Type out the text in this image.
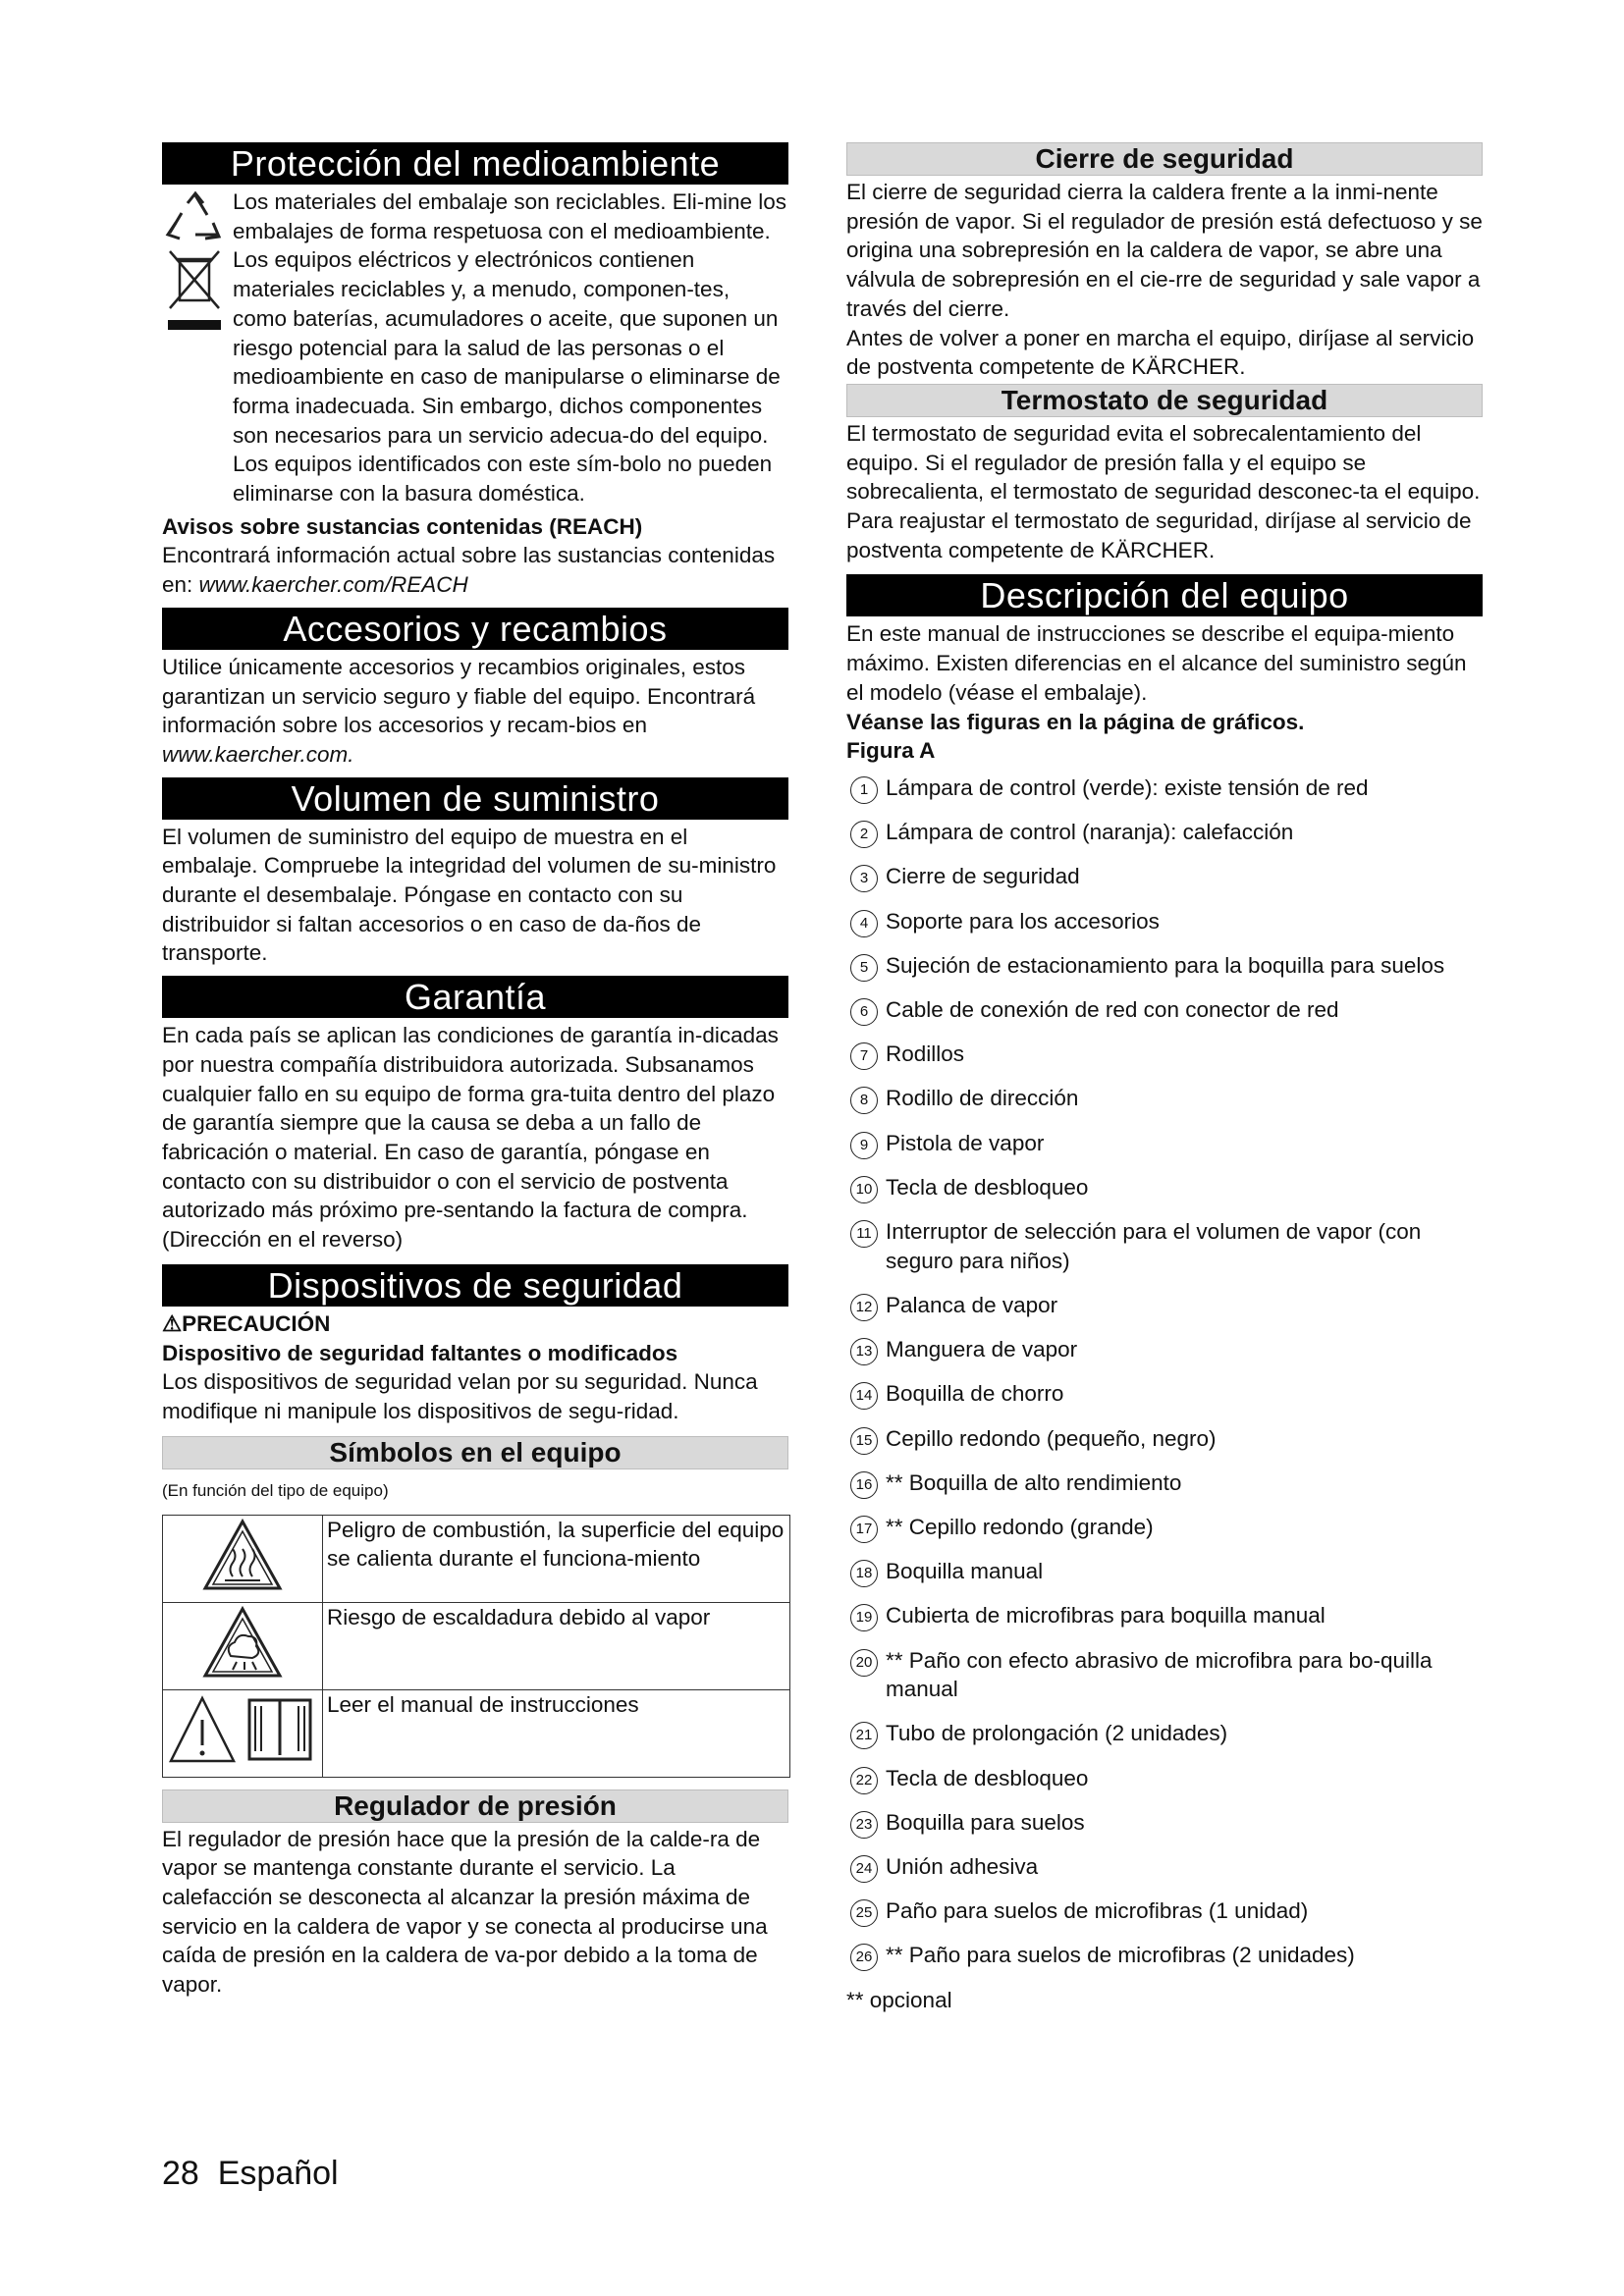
Protección del medioambiente

Los materiales del embalaje son reciclables. Eli-mine los embalajes de forma respetuosa con el medioambiente.

Los equipos eléctricos y electrónicos contienen materiales reciclables y, a menudo, componen-tes, como baterías, acumuladores o aceite, que suponen un riesgo potencial para la salud de las personas o el medioambiente en caso de manipularse o eliminarse de forma inadecuada. Sin embargo, dichos componentes son necesarios para un servicio adecua-do del equipo. Los equipos identificados con este sím-bolo no pueden eliminarse con la basura doméstica.

Avisos sobre sustancias contenidas (REACH)

Encontrará información actual sobre las sustancias contenidas en: www.kaercher.com/REACH

Accesorios y recambios

Utilice únicamente accesorios y recambios originales, estos garantizan un servicio seguro y fiable del equipo. Encontrará información sobre los accesorios y recam-bios en www.kaercher.com.

Volumen de suministro

El volumen de suministro del equipo de muestra en el embalaje. Compruebe la integridad del volumen de su-ministro durante el desembalaje. Póngase en contacto con su distribuidor si faltan accesorios o en caso de da-ños de transporte.

Garantía

En cada país se aplican las condiciones de garantía in-dicadas por nuestra compañía distribuidora autorizada. Subsanamos cualquier fallo en su equipo de forma gra-tuita dentro del plazo de garantía siempre que la causa se deba a un fallo de fabricación o material. En caso de garantía, póngase en contacto con su distribuidor o con el servicio de postventa autorizado más próximo pre-sentando la factura de compra.

(Dirección en el reverso)

Dispositivos de seguridad

⚠PRECAUCIÓN

Dispositivo de seguridad faltantes o modificados

Los dispositivos de seguridad velan por su seguridad. Nunca modifique ni manipule los dispositivos de segu-ridad.

Símbolos en el equipo

(En función del tipo de equipo)

	Peligro de combustión, la superficie del equipo se calienta durante el funciona-miento
	Riesgo de escaldadura debido al vapor
	Leer el manual de instrucciones
Regulador de presión

El regulador de presión hace que la presión de la calde-ra de vapor se mantenga constante durante el servicio. La calefacción se desconecta al alcanzar la presión máxima de servicio en la caldera de vapor y se conecta al producirse una caída de presión en la caldera de va-por debido a la toma de vapor.

Cierre de seguridad

El cierre de seguridad cierra la caldera frente a la inmi-nente presión de vapor. Si el regulador de presión está defectuoso y se origina una sobrepresión en la caldera de vapor, se abre una válvula de sobrepresión en el cie-rre de seguridad y sale vapor a través del cierre.

Antes de volver a poner en marcha el equipo, diríjase al servicio de postventa competente de KÄRCHER.

Termostato de seguridad

El termostato de seguridad evita el sobrecalentamiento del equipo. Si el regulador de presión falla y el equipo se sobrecalienta, el termostato de seguridad desconec-ta el equipo.

Para reajustar el termostato de seguridad, diríjase al servicio de postventa competente de KÄRCHER.

Descripción del equipo

En este manual de instrucciones se describe el equipa-miento máximo. Existen diferencias en el alcance del suministro según el modelo (véase el embalaje).

Véanse las figuras en la página de gráficos.

Figura A

1 Lámpara de control (verde): existe tensión de red
2 Lámpara de control (naranja): calefacción
3 Cierre de seguridad
4 Soporte para los accesorios
5 Sujeción de estacionamiento para la boquilla para suelos
6 Cable de conexión de red con conector de red
7 Rodillos
8 Rodillo de dirección
9 Pistola de vapor
10 Tecla de desbloqueo
11 Interruptor de selección para el volumen de vapor (con seguro para niños)
12 Palanca de vapor
13 Manguera de vapor
14 Boquilla de chorro
15 Cepillo redondo (pequeño, negro)
16 ** Boquilla de alto rendimiento
17 ** Cepillo redondo (grande)
18 Boquilla manual
19 Cubierta de microfibras para boquilla manual
20 ** Paño con efecto abrasivo de microfibra para bo-quilla manual
21 Tubo de prolongación (2 unidades)
22 Tecla de desbloqueo
23 Boquilla para suelos
24 Unión adhesiva
25 Paño para suelos de microfibras (1 unidad)
26 ** Paño para suelos de microfibras (2 unidades)

** opcional

28 Español
